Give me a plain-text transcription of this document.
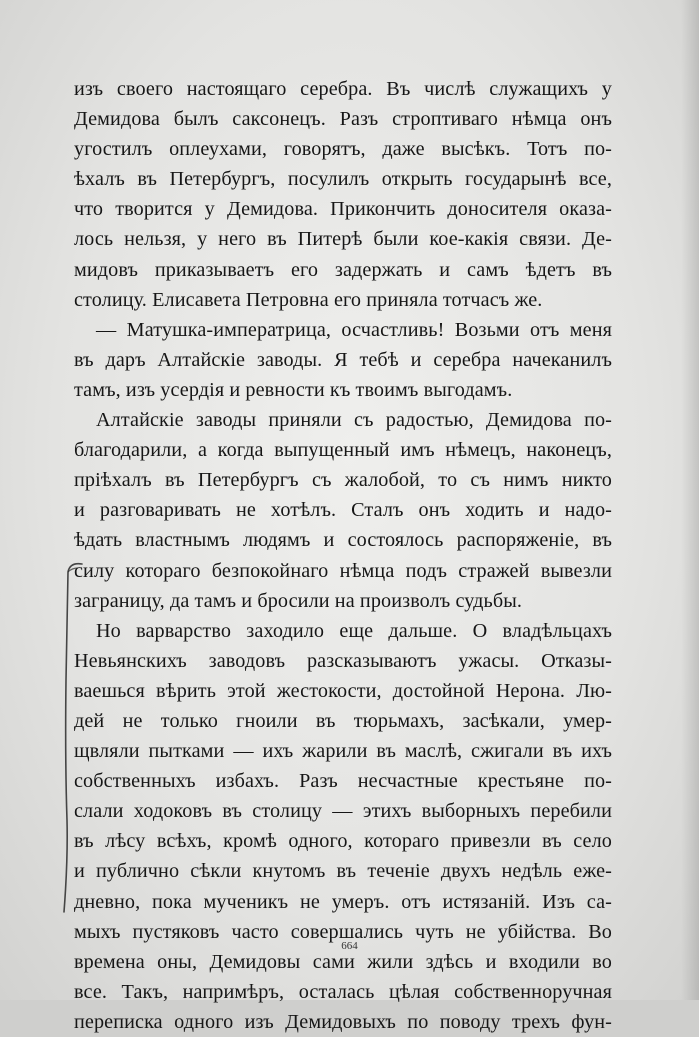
изъ своего настоящаго серебра. Въ числѣ служащихъ у
Демидова былъ саксонецъ. Разъ строптиваго нѣмца онъ
угостилъ оплеухами, говорятъ, даже высѣкъ. Тотъ по-
ѣхалъ въ Петербургъ, посулилъ открыть государынѣ все,
что творится у Демидова. Прикончить доносителя оказа-
лось нельзя, у него въ Питерѣ были кое-какія связи. Де-
мидовъ приказываетъ его задержать и самъ ѣдетъ въ
столицу. Елисавета Петровна его приняла тотчасъ же.
— Матушка-императрица, осчастливь! Возьми отъ меня
въ даръ Алтайскіе заводы. Я тебѣ и серебра начеканилъ
тамъ, изъ усердія и ревности къ твоимъ выгодамъ.
Алтайскіе заводы приняли съ радостью, Демидова по-
благодарили, а когда выпущенный имъ нѣмецъ, наконецъ,
пріѣхалъ въ Петербургъ съ жалобой, то съ нимъ никто
и разговаривать не хотѣлъ. Сталъ онъ ходить и надо-
ѣдать властнымъ людямъ и состоялось распоряженіе, въ
силу котораго безпокойнаго нѣмца подъ стражей вывезли
заграницу, да тамъ и бросили на произволъ судьбы.
Но варварство заходило еще дальше. О владѣльцахъ
Невьянскихъ заводовъ разсказываютъ ужасы. Отказы-
ваешься вѣрить этой жестокости, достойной Нерона. Лю-
дей не только гноили въ тюрьмахъ, засѣкали, умер-
щвляли пытками — ихъ жарили въ маслѣ, сжигали въ ихъ
собственныхъ избахъ. Разъ несчастные крестьяне по-
слали ходоковъ въ столицу — этихъ выборныхъ перебили
въ лѣсу всѣхъ, кромѣ одного, котораго привезли въ село
и публично сѣкли кнутомъ въ теченіе двухъ недѣль еже-
дневно, пока мученикъ не умеръ. отъ истязаній. Изъ са-
мыхъ пустяковъ часто совершались чуть не убійства. Во
времена оны, Демидовы сами жили здѣсь и входили во
все. Такъ, напримѣръ, осталась цѣлая собственноручная
переписка одного изъ Демидовыхъ по поводу трехъ фун-
664
